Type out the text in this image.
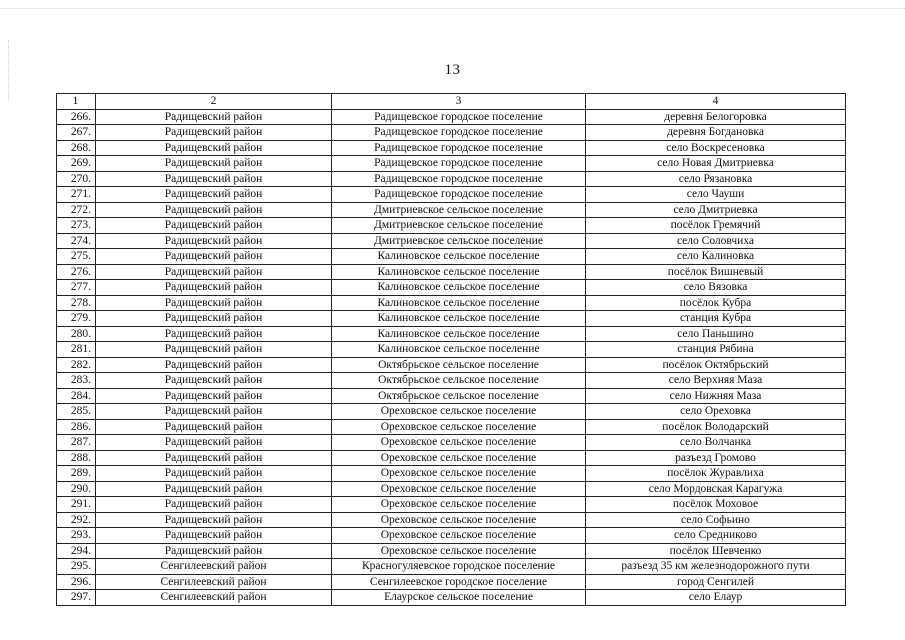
13
1	2	3	4
266.	Радищевский район	Радищевское городское поселение	деревня Белогоровка
267.	Радищевский район	Радищевское городское поселение	деревня Богдановка
268.	Радищевский район	Радищевское городское поселение	село Воскресеновка
269.	Радищевский район	Радищевское городское поселение	село Новая Дмитриевка
270.	Радищевский район	Радищевское городское поселение	село Рязановка
271.	Радищевский район	Радищевское городское поселение	село Чауши
272.	Радищевский район	Дмитриевское сельское поселение	село Дмитриевка
273.	Радищевский район	Дмитриевское сельское поселение	посёлок Гремячий
274.	Радищевский район	Дмитриевское сельское поселение	село Соловчиха
275.	Радищевский район	Калиновское сельское поселение	село Калиновка
276.	Радищевский район	Калиновское сельское поселение	посёлок Вишневый
277.	Радищевский район	Калиновское сельское поселение	село Вязовка
278.	Радищевский район	Калиновское сельское поселение	посёлок Кубра
279.	Радищевский район	Калиновское сельское поселение	станция Кубра
280.	Радищевский район	Калиновское сельское поселение	село Паньшино
281.	Радищевский район	Калиновское сельское поселение	станция Рябина
282.	Радищевский район	Октябрьское сельское поселение	посёлок Октябрьский
283.	Радищевский район	Октябрьское сельское поселение	село Верхняя Маза
284.	Радищевский район	Октябрьское сельское поселение	село Нижняя Маза
285.	Радищевский район	Ореховское сельское поселение	село Ореховка
286.	Радищевский район	Ореховское сельское поселение	посёлок Володарский
287.	Радищевский район	Ореховское сельское поселение	село Волчанка
288.	Радищевский район	Ореховское сельское поселение	разъезд Громово
289.	Радищевский район	Ореховское сельское поселение	посёлок Журавлиха
290.	Радищевский район	Ореховское сельское поселение	село Мордовская Карагужа
291.	Радищевский район	Ореховское сельское поселение	посёлок Моховое
292.	Радищевский район	Ореховское сельское поселение	село Софьино
293.	Радищевский район	Ореховское сельское поселение	село Средниково
294.	Радищевский район	Ореховское сельское поселение	посёлок Шевченко
295.	Сенгилеевский район	Красногуляевское городское поселение	разъезд 35 км железнодорожного пути
296.	Сенгилеевский район	Сенгилеевское городское поселение	город Сенгилей
297.	Сенгилеевский район	Елаурское сельское поселение	село Елаур
